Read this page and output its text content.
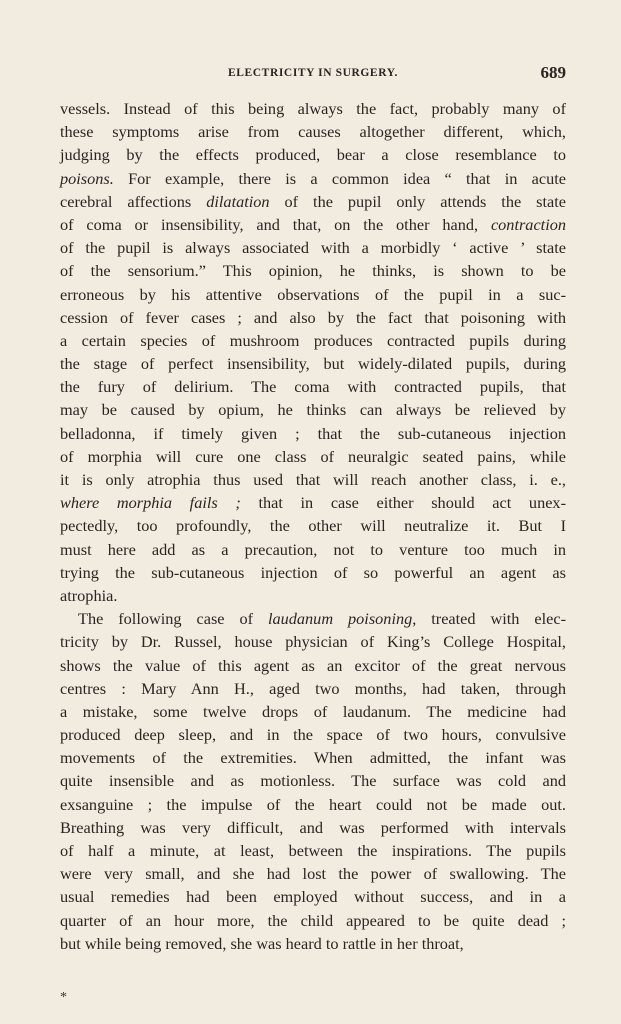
ELECTRICITY IN SURGERY.	689
vessels. Instead of this being always the fact, probably many of
these symptoms arise from causes altogether different, which,
judging by the effects produced, bear a close resemblance to
poisons. For example, there is a common idea “ that in acute
cerebral affections dilatation of the pupil only attends the state
of coma or insensibility, and that, on the other hand, contraction
of the pupil is always associated with a morbidly ‘ active ’ state
of the sensorium.” This opinion, he thinks, is shown to be
erroneous by his attentive observations of the pupil in a suc-
cession of fever cases ; and also by the fact that poisoning with
a certain species of mushroom produces contracted pupils during
the stage of perfect insensibility, but widely-dilated pupils, during
the fury of delirium. The coma with contracted pupils, that
may be caused by opium, he thinks can always be relieved by
belladonna, if timely given ; that the sub-cutaneous injection
of morphia will cure one class of neuralgic seated pains, while
it is only atrophia thus used that will reach another class, i. e.,
where morphia fails ; that in case either should act unex-
pectedly, too profoundly, the other will neutralize it. But I
must here add as a precaution, not to venture too much in
trying the sub-cutaneous injection of so powerful an agent as
atrophia.
The following case of laudanum poisoning, treated with elec-
tricity by Dr. Russel, house physician of King’s College Hospital,
shows the value of this agent as an excitor of the great nervous
centres : Mary Ann H., aged two months, had taken, through
a mistake, some twelve drops of laudanum. The medicine had
produced deep sleep, and in the space of two hours, convulsive
movements of the extremities. When admitted, the infant was
quite insensible and as motionless. The surface was cold and
exsanguine ; the impulse of the heart could not be made out.
Breathing was very difficult, and was performed with intervals
of half a minute, at least, between the inspirations. The pupils
were very small, and she had lost the power of swallowing. The
usual remedies had been employed without success, and in a
quarter of an hour more, the child appeared to be quite dead ;
but while being removed, she was heard to rattle in her throat,
*
